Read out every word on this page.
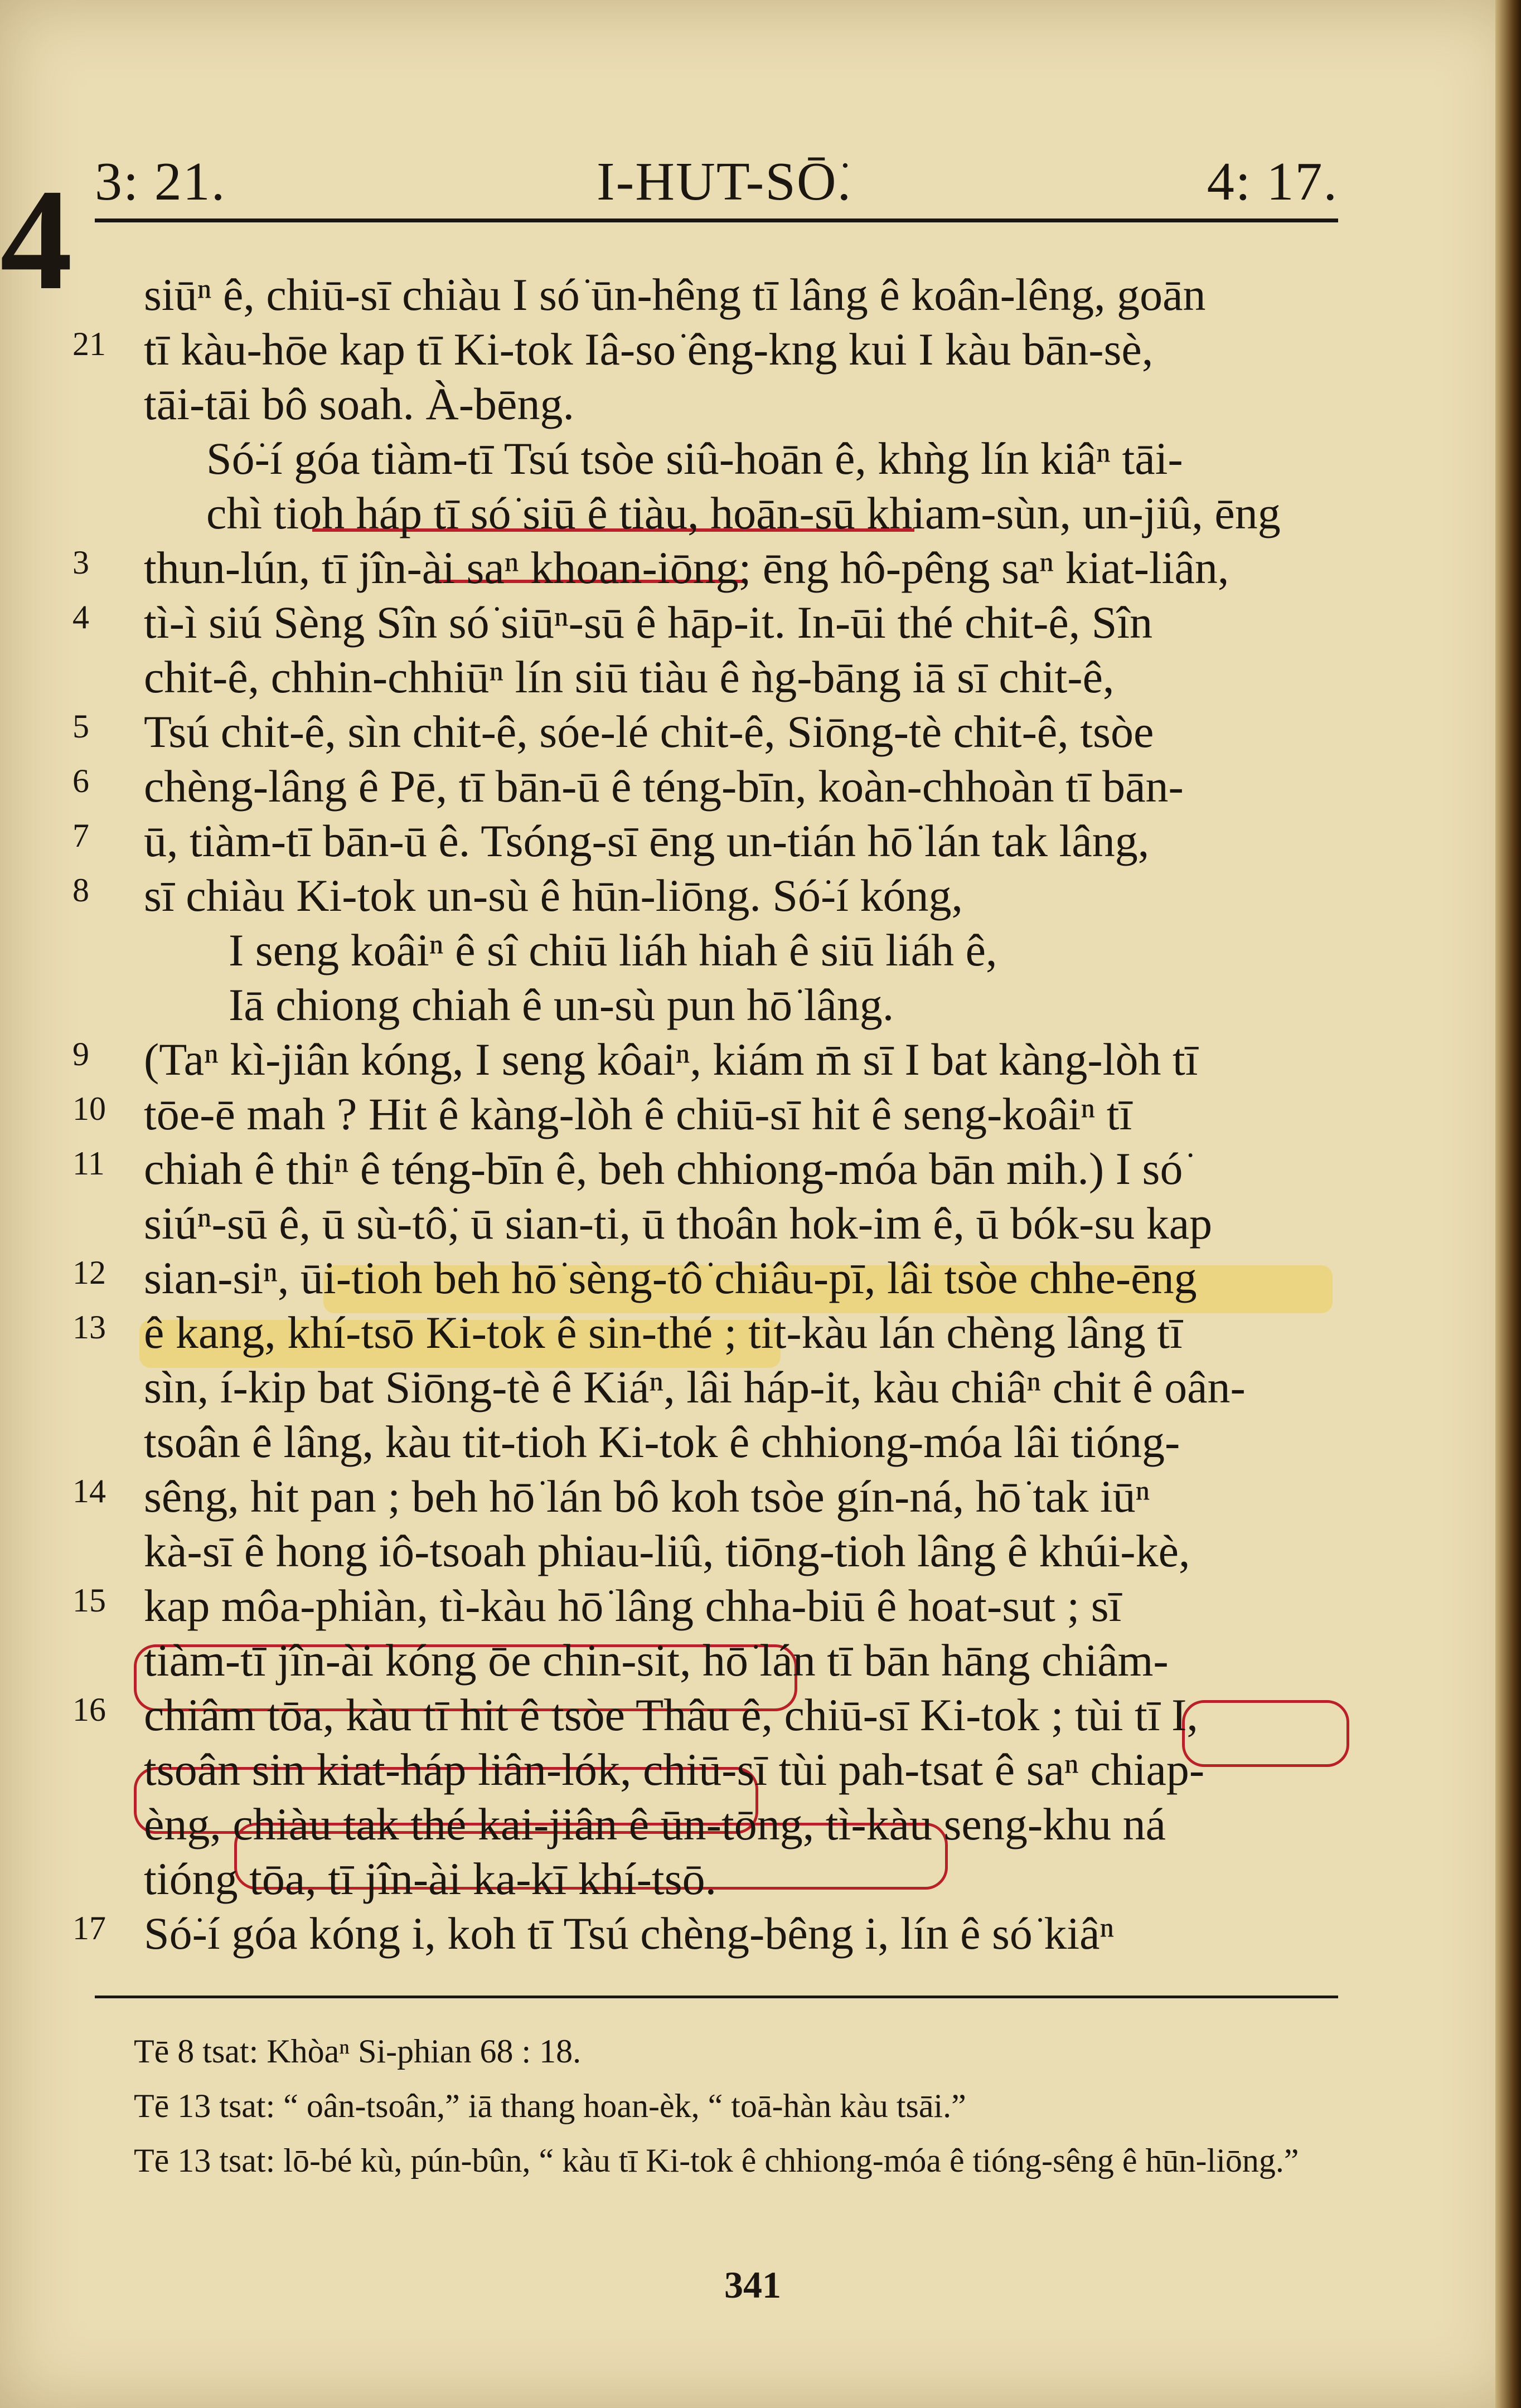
3: 21.	I-HUT-SŌ͘.	4: 17.
4 siūⁿ ê, chiū-sī chiàu I só͘ ūn-hêng tī lâng ê koân-lêng, goān
21 tī kàu-hōe kap tī Ki-tok Iâ-so͘ êng-kng kui I kàu bān-sè,
tāi-tāi bô soah. À-bēng.
Só͘-í góa tiàm-tī Tsú tsòe siû-hoān ê, khǹg lín kiâⁿ tāi-
chì tioh háp tī só͘ siū ê tiàu, hoān-sū khiam-sùn, un-jiû, ēng
3	thun-lún, tī jîn-ài saⁿ khoan-iōng; ēng hô-pêng saⁿ kiat-liân,
4	tì-ì siú Sèng Sîn só͘ siūⁿ-sū ê hāp-it. In-ūi thé chit-ê, Sîn
chit-ê, chhin-chhiūⁿ lín siū tiàu ê ǹg-bāng iā sī chit-ê,
5	Tsú chit-ê, sìn chit-ê, sóe-lé chit-ê, Siōng-tè chit-ê, tsòe
6	chèng-lâng ê Pē, tī bān-ū ê téng-bīn, koàn-chhoàn tī bān-
7	ū, tiàm-tī bān-ū ê. Tsóng-sī ēng un-tián hō͘ lán tak lâng,
8	sī chiàu Ki-tok un-sù ê hūn-liōng. Só͘-í kóng,
I seng koâiⁿ ê sî chiū liáh hiah ê siū liáh ê,
Iā chiong chiah ê un-sù pun hō͘ lâng.
9	(Taⁿ kì-jiân kóng, I seng kôaiⁿ, kiám m̄ sī I bat kàng-lòh tī
10 tōe-ē mah ? Hit ê kàng-lòh ê chiū-sī hit ê seng-koâiⁿ tī
11 chiah ê thiⁿ ê téng-bīn ê, beh chhiong-móa bān mih.) I só͘
siúⁿ-sū ê, ū sù-tô͘, ū sian-ti, ū thoân hok-im ê, ū bók-su kap
12 sian-siⁿ, ūi-tioh beh hō͘ sèng-tô͘ chiâu-pī, lâi tsòe chhe-ēng
13 ê kang, khí-tsō Ki-tok ê sin-thé ; tit-kàu lán chèng lâng tī
sìn, í-kip bat Siōng-tè ê Kiáⁿ, lâi háp-it, kàu chiâⁿ chit ê oân-
tsoân ê lâng, kàu tit-tioh Ki-tok ê chhiong-móa lâi tióng-
14 sêng, hit pan ; beh hō͘ lán bô koh tsòe gín-ná, hō͘ tak iūⁿ
kà-sī ê hong iô-tsoah phiau-liû, tiōng-tioh lâng ê khúi-kè,
15 kap môa-phiàn, tì-kàu hō͘ lâng chha-biū ê hoat-sut ; sī
tiàm-tī jîn-ài kóng ōe chin-sit, hō͘ lán tī bān hāng chiâm-
16 chiâm tōa, kàu tī hit ê tsòe Thâu ê, chiū-sī Ki-tok ; tùi tī I,
tsoân sin kiat-háp liân-lók, chiū-sī tùi pah-tsat ê saⁿ chiap-
èng, chiàu tak thé kai-jiân ê ūn-tōng, tì-kàu seng-khu ná
tióng tōa, tī jîn-ài ka-kī khí-tsō.
17 Só͘-í góa kóng i, koh tī Tsú chèng-bêng i, lín ê só͘ kiâⁿ
Tē 8 tsat: Khòaⁿ Si-phian 68 : 18.
Tē 13 tsat: “ oân-tsoân,” iā thang hoan-èk, “ toā-hàn kàu tsāi.”
Tē 13 tsat: lō-bé kù, pún-bûn, “ kàu tī Ki-tok ê chhiong-móa ê tióng-sêng ê hūn-liōng.”
341
